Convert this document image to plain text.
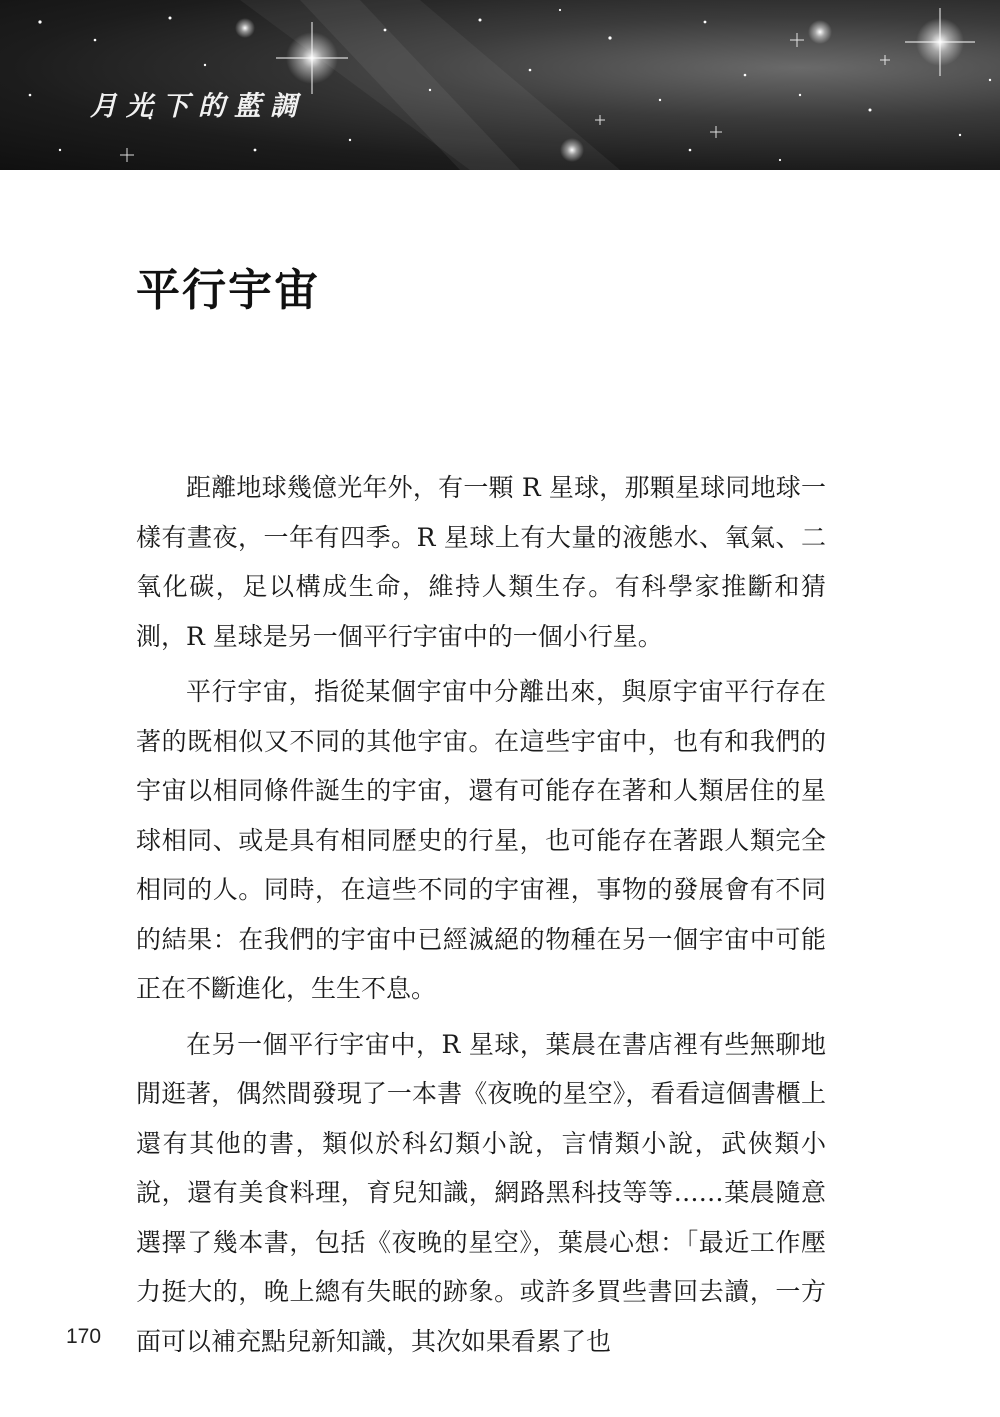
月光下的藍調
平行宇宙

距離地球幾億光年外，有一顆 R 星球，那顆星球同地球一樣有晝夜，一年有四季。R 星球上有大量的液態水、氧氣、二氧化碳，足以構成生命，維持人類生存。有科學家推斷和猜測，R 星球是另一個平行宇宙中的一個小行星。

平行宇宙，指從某個宇宙中分離出來，與原宇宙平行存在著的既相似又不同的其他宇宙。在這些宇宙中，也有和我們的宇宙以相同條件誕生的宇宙，還有可能存在著和人類居住的星球相同、或是具有相同歷史的行星，也可能存在著跟人類完全相同的人。同時，在這些不同的宇宙裡，事物的發展會有不同的結果：在我們的宇宙中已經滅絕的物種在另一個宇宙中可能正在不斷進化，生生不息。

在另一個平行宇宙中，R 星球，葉晨在書店裡有些無聊地閒逛著，偶然間發現了一本書《夜晚的星空》，看看這個書櫃上還有其他的書，類似於科幻類小說，言情類小說，武俠類小說，還有美食料理，育兒知識，網路黑科技等等……葉晨隨意選擇了幾本書，包括《夜晚的星空》，葉晨心想：「最近工作壓力挺大的，晚上總有失眠的跡象。或許多買些書回去讀，一方面可以補充點兒新知識，其次如果看累了也

170
